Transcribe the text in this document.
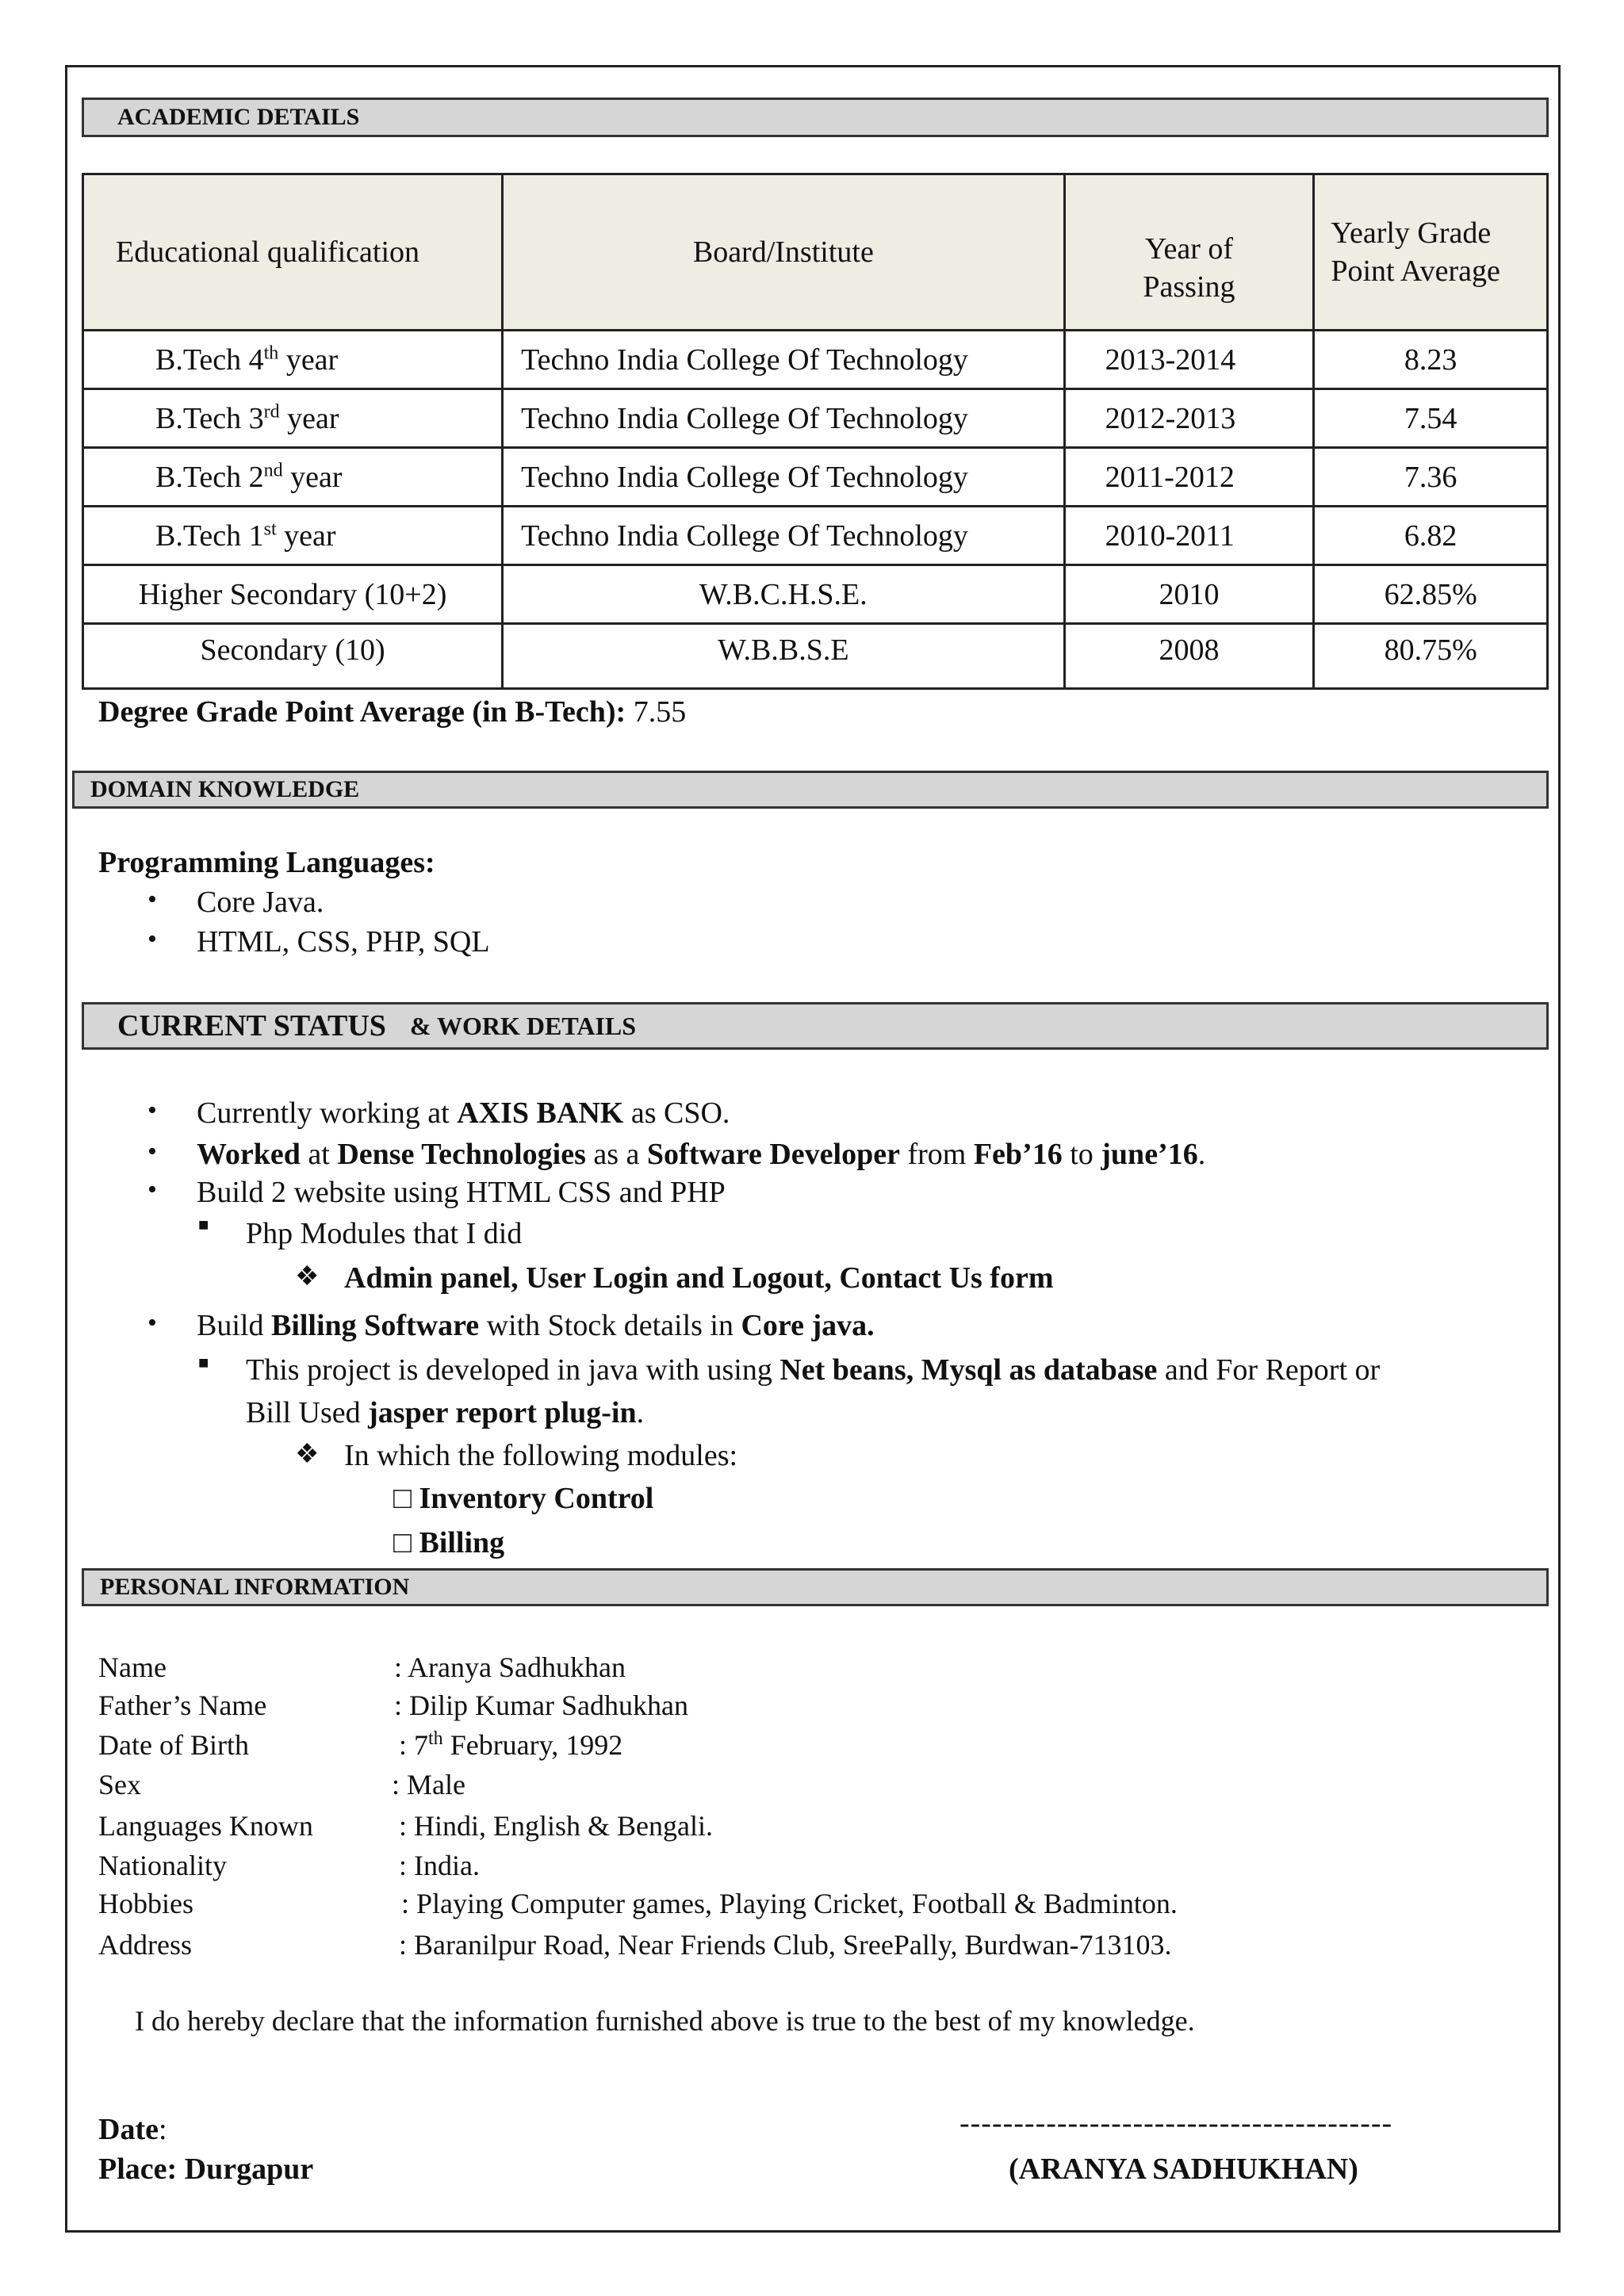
ACADEMIC DETAILS
Educational qualification	Board/Institute	Year of Passing	Yearly Grade Point Average
B.Tech 4th year	Techno India College Of Technology	2013-2014	8.23
B.Tech 3rd year	Techno India College Of Technology	2012-2013	7.54
B.Tech 2nd year	Techno India College Of Technology	2011-2012	7.36
B.Tech 1st year	Techno India College Of Technology	2010-2011	6.82
Higher Secondary (10+2)	W.B.C.H.S.E.	2010	62.85%
Secondary (10)	W.B.B.S.E	2008	80.75%
Degree Grade Point Average (in B-Tech): 7.55
DOMAIN KNOWLEDGE
Programming Languages:
• Core Java.
• HTML, CSS, PHP, SQL
CURRENT STATUS & WORK DETAILS
• Currently working at AXIS BANK as CSO.
• Worked at Dense Technologies as a Software Developer from Feb’16 to june’16.
• Build 2 website using HTML CSS and PHP
■ Php Modules that I did
❖ Admin panel, User Login and Logout, Contact Us form
• Build Billing Software with Stock details in Core java.
■ This project is developed in java with using Net beans, Mysql as database and For Report or
Bill Used jasper report plug-in.
❖ In which the following modules:
□ Inventory Control
□ Billing
PERSONAL INFORMATION
Name	: Aranya Sadhukhan
Father’s Name	: Dilip Kumar Sadhukhan
Date of Birth	: 7th February, 1992
Sex	: Male
Languages Known	: Hindi, English & Bengali.
Nationality	: India.
Hobbies	: Playing Computer games, Playing Cricket, Football & Badminton.
Address	: Baranilpur Road, Near Friends Club, SreePally, Burdwan-713103.
I do hereby declare that the information furnished above is true to the best of my knowledge.
Date:
Place: Durgapur
----------------------------------------
(ARANYA SADHUKHAN)
